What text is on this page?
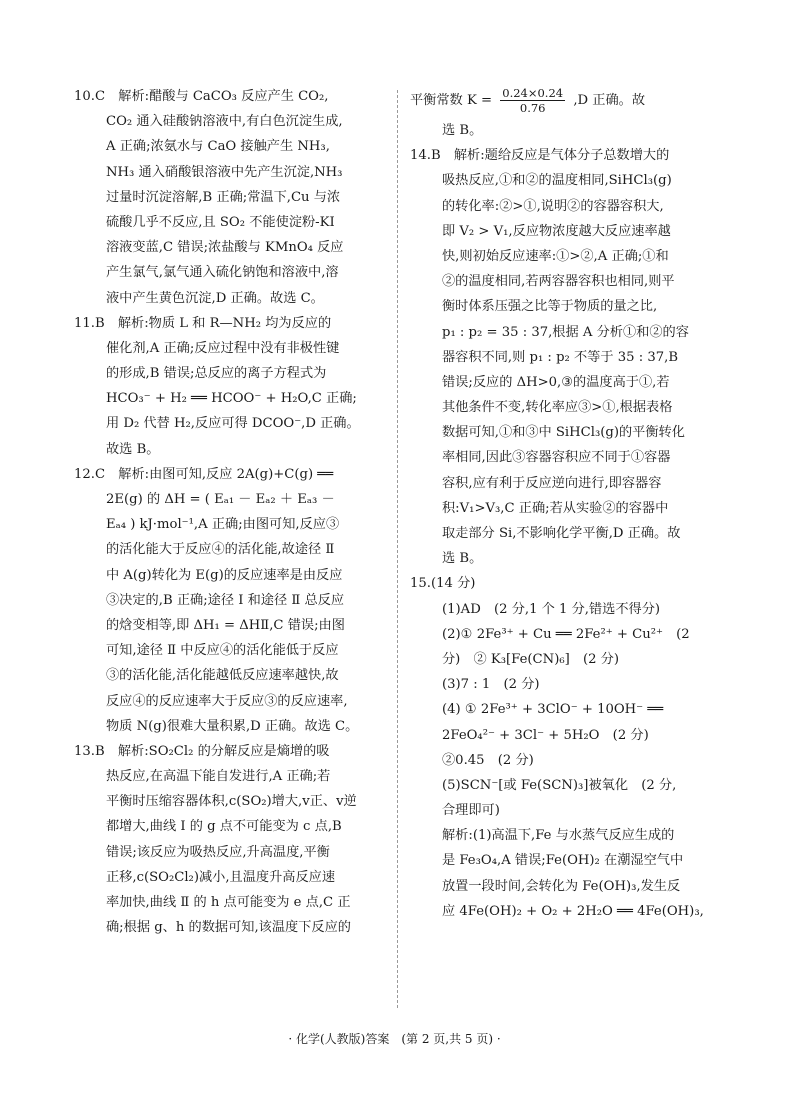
10.C　解析:醋酸与 CaCO₃ 反应产生 CO₂,
CO₂ 通入硅酸钠溶液中,有白色沉淀生成,
A 正确;浓氨水与 CaO 接触产生 NH₃,
NH₃ 通入硝酸银溶液中先产生沉淀,NH₃
过量时沉淀溶解,B 正确;常温下,Cu 与浓
硫酸几乎不反应,且 SO₂ 不能使淀粉-KI
溶液变蓝,C 错误;浓盐酸与 KMnO₄ 反应
产生氯气,氯气通入硫化钠饱和溶液中,溶
液中产生黄色沉淀,D 正确。故选 C。
11.B　解析:物质 L 和 R—NH₂ 均为反应的
催化剂,A 正确;反应过程中没有非极性键
的形成,B 错误;总反应的离子方程式为
HCO₃⁻ + H₂ ══ HCOO⁻ + H₂O,C 正确;
用 D₂ 代替 H₂,反应可得 DCOO⁻,D 正确。
故选 B。
12.C　解析:由图可知,反应 2A(g)+C(g) ══
2E(g) 的 ΔH = ( Eₐ₁ － Eₐ₂ ＋ Eₐ₃ －
Eₐ₄ ) kJ·mol⁻¹,A 正确;由图可知,反应③
的活化能大于反应④的活化能,故途径 Ⅱ
中 A(g)转化为 E(g)的反应速率是由反应
③决定的,B 正确;途径 Ⅰ 和途径 Ⅱ 总反应
的焓变相等,即 ΔH₁ = ΔHⅡ,C 错误;由图
可知,途径 Ⅱ 中反应④的活化能低于反应
③的活化能,活化能越低反应速率越快,故
反应④的反应速率大于反应③的反应速率,
物质 N(g)很难大量积累,D 正确。故选 C。
13.B　解析:SO₂Cl₂ 的分解反应是熵增的吸
热反应,在高温下能自发进行,A 正确;若
平衡时压缩容器体积,c(SO₂)增大,v正、v逆
都增大,曲线 Ⅰ 的 g 点不可能变为 c 点,B
错误;该反应为吸热反应,升高温度,平衡
正移,c(SO₂Cl₂)减小,且温度升高反应速
率加快,曲线 Ⅱ 的 h 点可能变为 e 点,C 正
确;根据 g、h 的数据可知,该温度下反应的
平衡常数 $K = \frac{0.24\times 0.24}{0.76} ,D$ 正确。故
选 B。
14.B　解析:题给反应是气体分子总数增大的
吸热反应,①和②的温度相同,SiHCl₃(g)
的转化率:②>①,说明②的容器容积大,
即 V₂ > V₁,反应物浓度越大反应速率越
快,则初始反应速率:①>②,A 正确;①和
②的温度相同,若两容器容积也相同,则平
衡时体系压强之比等于物质的量之比,
p₁ : p₂ = 35 : 37,根据 A 分析①和②的容
器容积不同,则 p₁ : p₂ 不等于 35 : 37,B
错误;反应的 ΔH>0,③的温度高于①,若
其他条件不变,转化率应③>①,根据表格
数据可知,①和③中 SiHCl₃(g)的平衡转化
率相同,因此③容器容积应不同于①容器
容积,应有利于反应逆向进行,即容器容
积:V₁>V₃,C 正确;若从实验②的容器中
取走部分 Si,不影响化学平衡,D 正确。故
选 B。
15.(14 分)
(1)AD　(2 分,1 个 1 分,错选不得分)
(2)① 2Fe³⁺ + Cu ══ 2Fe²⁺ + Cu²⁺　(2
分)　② K₃[Fe(CN)₆]　(2 分)
(3)7 : 1　(2 分)
(4) ① 2Fe³⁺ + 3ClO⁻ + 10OH⁻ ══
2FeO₄²⁻ + 3Cl⁻ + 5H₂O　(2 分)
②0.45　(2 分)
(5)SCN⁻[或 Fe(SCN)₃]被氧化　(2 分,
合理即可)
解析:(1)高温下,Fe 与水蒸气反应生成的
是 Fe₃O₄,A 错误;Fe(OH)₂ 在潮湿空气中
放置一段时间,会转化为 Fe(OH)₃,发生反
应 4Fe(OH)₂ + O₂ + 2H₂O ══ 4Fe(OH)₃,
· 化学(人教版)答案　(第 2 页,共 5 页) ·
